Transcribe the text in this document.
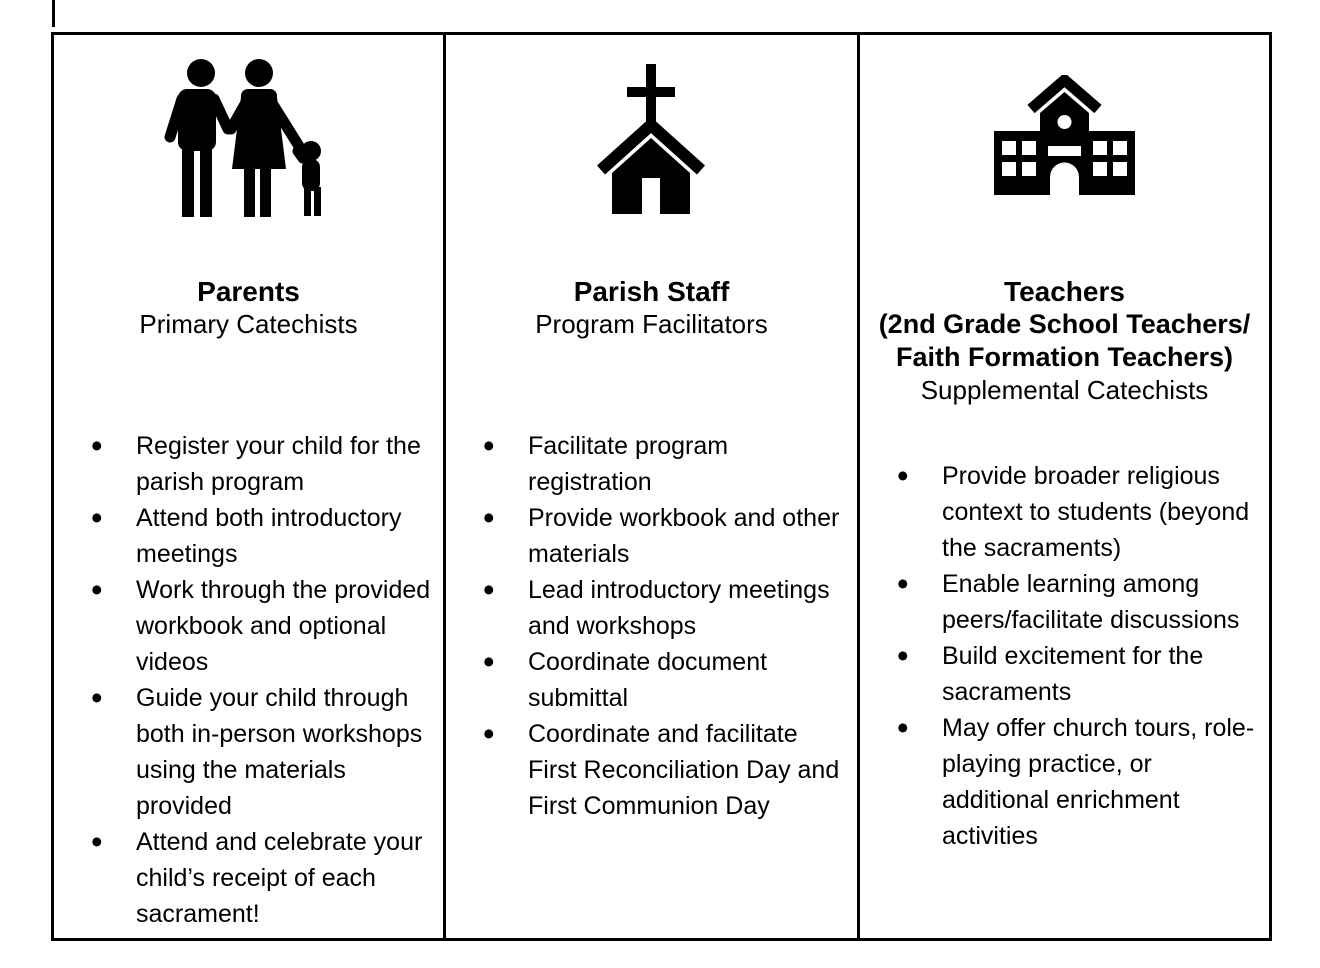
Parents
Primary Catechists
• Register your child for the parish program
• Attend both introductory meetings
• Work through the provided workbook and optional videos
• Guide your child through both in-person workshops using the materials provided
• Attend and celebrate your child’s receipt of each sacrament!
Parish Staff
Program Facilitators
• Facilitate program registration
• Provide workbook and other materials
• Lead introductory meetings and workshops
• Coordinate document submittal
• Coordinate and facilitate First Reconciliation Day and First Communion Day
Teachers
(2nd Grade School Teachers/
Faith Formation Teachers)
Supplemental Catechists
• Provide broader religious context to students (beyond the sacraments)
• Enable learning among peers/facilitate discussions
• Build excitement for the sacraments
• May offer church tours, role-playing practice, or additional enrichment activities
